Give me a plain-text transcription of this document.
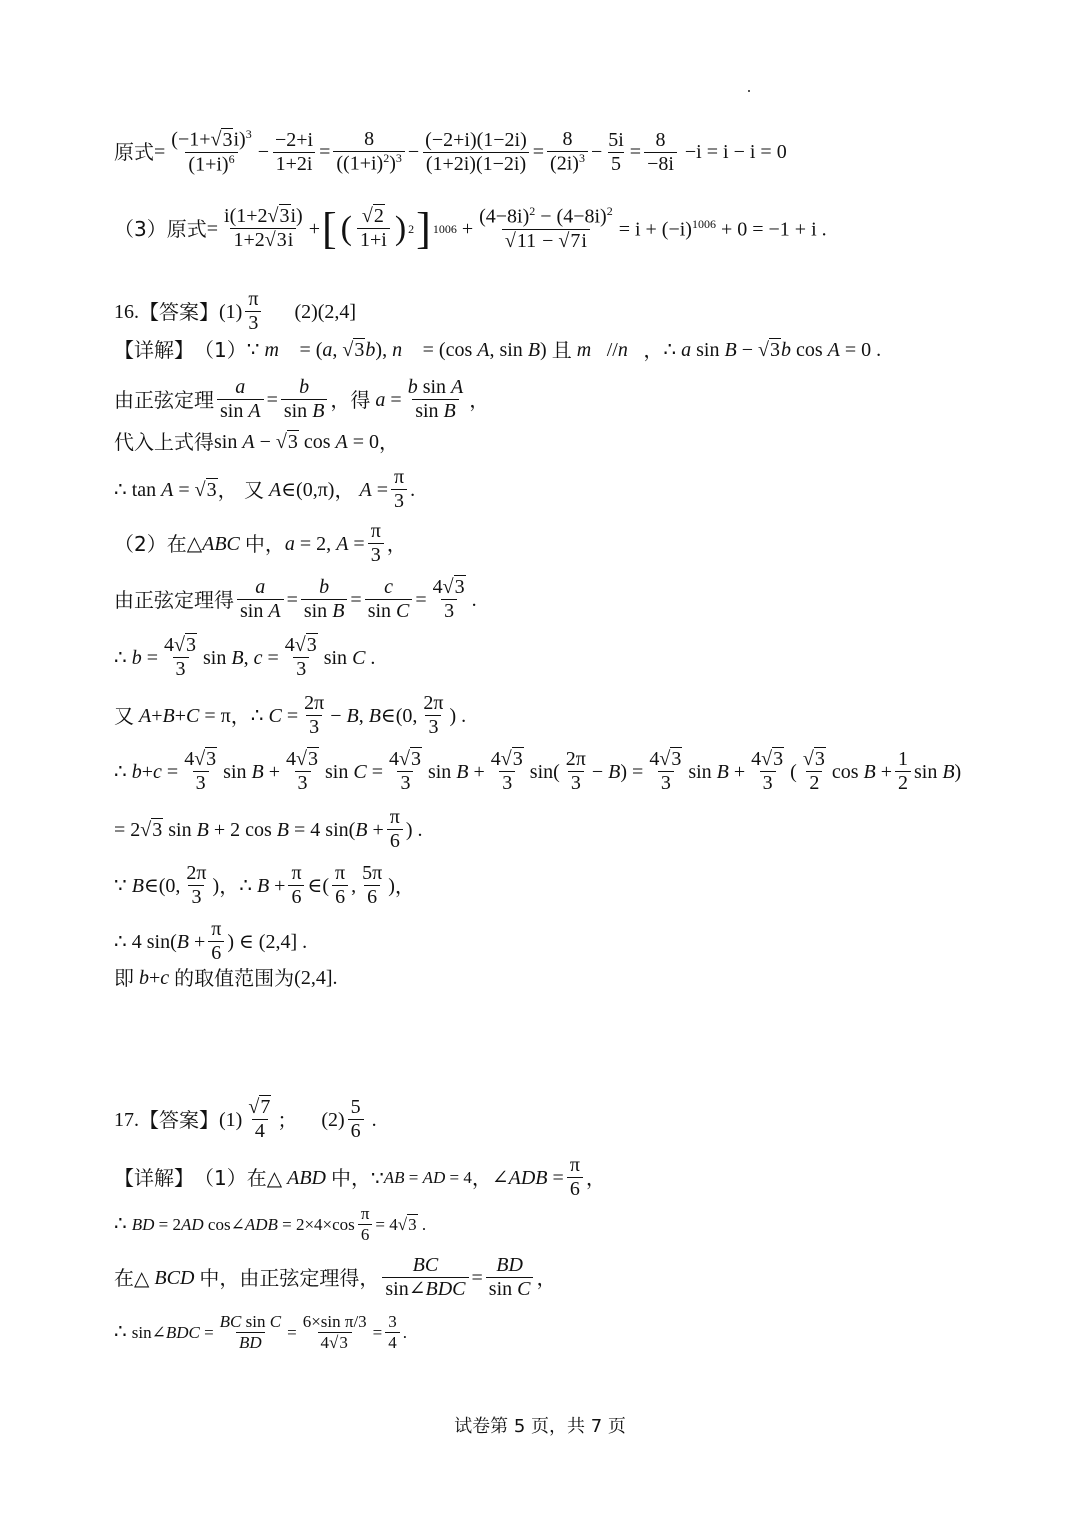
原式 = $\frac{(-1+√3i)^3}{(1+i)^6} - \frac{-2+i}{1+2i} = \frac{8}{((1+i)^2)^3} - \frac{(-2+i)(1-2i)}{(1+2i)(1-2i)} = \frac{8}{(2i)^3} - \frac{5i}{5} = \frac{8}{-8i} -i = i - i = 0$
（3）原式 = $\frac{i(1+2√3i)}{1+2√3i}$ + [ ( $\frac{√2}{1+i}$ ) 2 ] $1006 + \frac{(4-8i)^2 - (4-8i)^2}{√11 - √7i} = i + (-i)^{1006} + 0 = -1 + i$ .
16. 【答案】 $(1) \frac{\pi}{3} (2)$ (2,4]
【详解】 （1） ∵ m⃗ = (a, √3b), n⃗ = (cos A, sin B) 且 m⃗//n⃗ ， ∴ a sin B − √3b cos A = 0 .
由正弦定理 $\frac{a}{\text{sin A}} = \frac{b}{\text{sin B}}$ ，得 $a = \frac{\text{b sin A}}{\text{sin B}}$ ，
代入上式得 sin A − √3 cos A = 0 ，
∴ tan A = √3 ， 又 A∈(0,π) ， $A = \frac{\pi}{3}$ .
（2）在 △ABC 中， a = 2, $A = \frac{\pi}{3}$ ，
由正弦定理得 $\frac{a}{\text{sin A}} = \frac{b}{\text{sin B}} = \frac{c}{\text{sin C}} = \frac{4√3}{3}$ .
∴ $b = \frac{4√3}{3}$ sin B, $c = \frac{4√3}{3}$ sin C .
又 A+B+C = π ， ∴ $C = \frac{2\pi}{3} - B$, B∈(0, $\frac{2\pi}{3}$ ) .
∴ $b+c = \frac{4√3}{3}$ $\sin B + \frac{4√3}{3}$ $\sin C = \frac{4√3}{3}$ $\sin B + \frac{4√3}{3} \sin( \frac{2\pi}{3} - B) = \frac{4√3}{3}$ $\sin B + \frac{4√3}{3}$ ( $\frac{√3}{2}$ $\cos B + \frac{1}{2}$ sin B)
= 2√3 sin B + 2 cos B = 4 $\sin(B + \frac{\pi}{6}$ ) .
∵ B∈(0, $\frac{2\pi}{3}$ ) ， ∴ $B + \frac{\pi}{6}$ ∈( $\frac{\pi}{6}$ , $\frac{5\pi}{6}$ ) ，
∴ 4 $\sin(B + \frac{\pi}{6}$ ) ∈ (2,4] .
即 b+c 的取值范围为 (2,4].
17. 【答案】 $(1) \frac{√7}{4}$ ； $(2) \frac{5}{6}$ .
【详解】 （1）在△ ABD 中，∵ AB = AD = 4 ， ∠ADB = $\frac{\pi}{6}$ ，
∴ BD = 2AD cos∠ADB = $2\times 4\times\cos \frac{\pi}{6} = 4√3$ .
在△ BCD 中，由正弦定理得， $\frac{BC}{\text{sin∠BDC}} = \frac{BD}{\text{sin C}}$ ，
∴ sin∠BDC = $\frac{\text{BC sin C}}{BD} = \frac{\text{6×sin π/3}}{4√3} = \frac{3}{4}$ .
试卷第 5 页，共 7 页
